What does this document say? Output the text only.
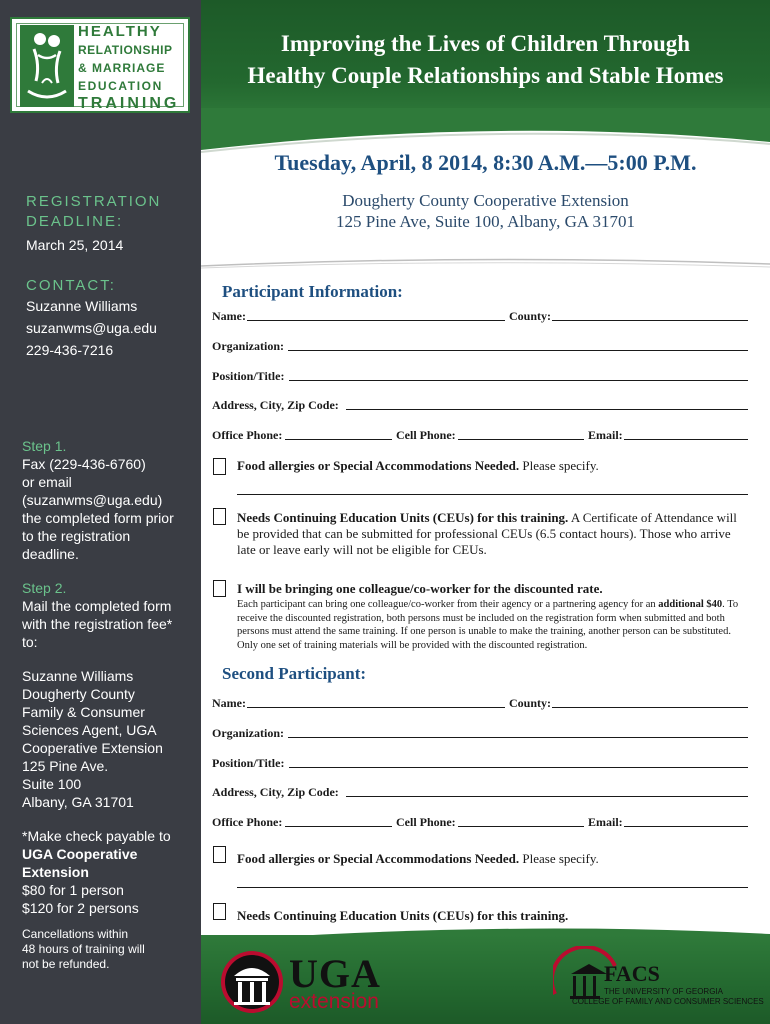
HEALTHY
RELATIONSHIP
& MARRIAGE
EDUCATION
TRAINING
REGISTRATION
DEADLINE:
March 25, 2014
CONTACT:
Suzanne Williams
suzanwms@uga.edu
229-436-7216

Step 1.

Fax (229-436-6760)

or email

(suzanwms@uga.edu)

the completed form prior

to the registration

deadline.

Step 2.

Mail the completed form

with the registration fee*

to:

Suzanne Williams

Dougherty County

Family & Consumer

Sciences Agent, UGA

Cooperative Extension

125 Pine Ave.

Suite 100

Albany, GA 31701

*Make check payable to

UGA Cooperative

Extension

$80 for 1 person

$120 for 2 persons

Cancellations within

48 hours of training will

not be refunded.

Improving the Lives of Children Through
Healthy Couple Relationships and Stable Homes
Tuesday, April, 8 2014, 8:30 A.M.—5:00 P.M.
Dougherty County Cooperative Extension
125 Pine Ave, Suite 100, Albany, GA 31701
Participant Information:
Name:	County:
Organization:
Position/Title:
Address, City, Zip Code:
Office Phone:	Cell Phone:	Email:
Food allergies or Special Accommodations Needed. Please specify.
Needs Continuing Education Units (CEUs) for this training. A Certificate of Attendance will be provided that can be submitted for professional CEUs (6.5 contact hours). Those who arrive late or leave early will not be eligible for CEUs.
I will be bringing one colleague/co-worker for the discounted rate.
Each participant can bring one colleague/co-worker from their agency or a partnering agency for an additional $40. To receive the discounted registration, both persons must be included on the registration form when submitted and both persons must attend the same training. If one person is unable to make the training, another person can be substituted. Only one set of training materials will be provided with the discounted registration.
Second Participant:
Name:	County:
Organization:
Position/Title:
Address, City, Zip Code:
Office Phone:	Cell Phone:	Email:
Food allergies or Special Accommodations Needed. Please specify.
Needs Continuing Education Units (CEUs) for this training.
UGA
extension
FACS
THE UNIVERSITY OF GEORGIA
COLLEGE OF FAMILY AND CONSUMER SCIENCES
